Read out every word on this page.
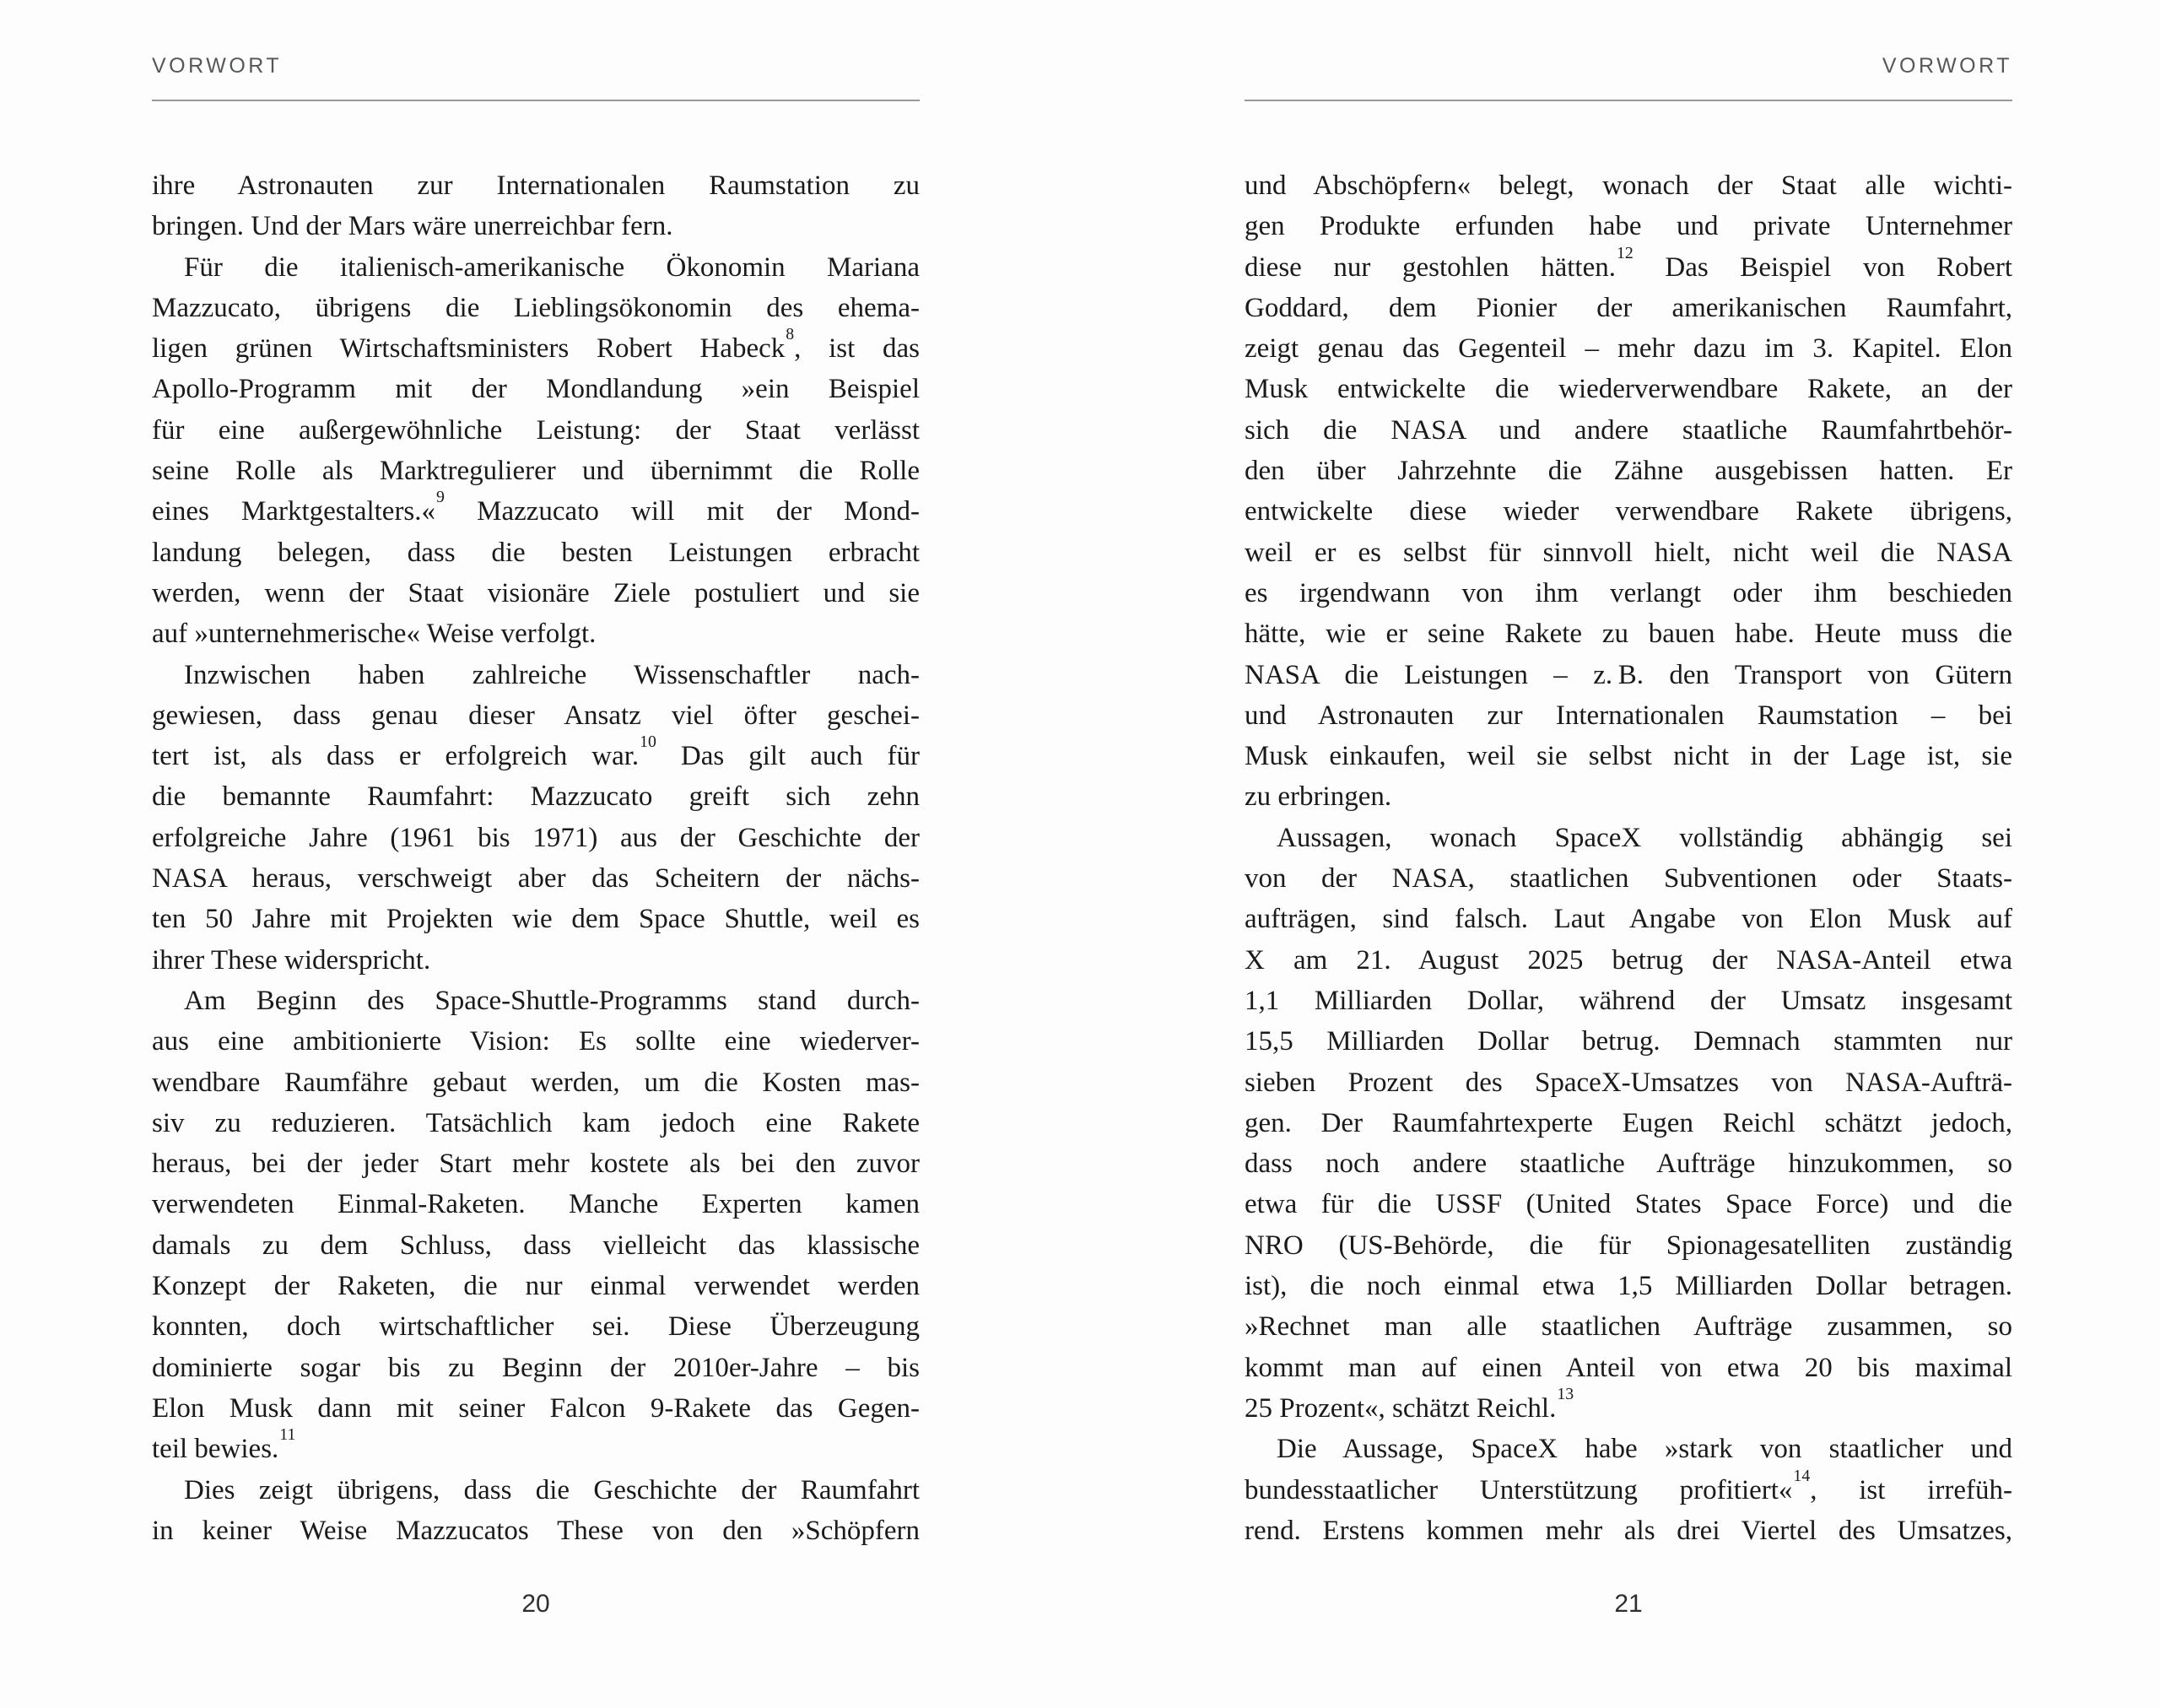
VORWORT
ihre Astronauten zur Internationalen Raumstation zu
bringen. Und der Mars wäre unerreichbar fern.
Für die italienisch-amerikanische Ökonomin Mariana
Mazzucato, übrigens die Lieblingsökonomin des ehema-
ligen grünen Wirtschaftsministers Robert Habeck$^8$, ist das
Apollo-Programm mit der Mondlandung »ein Beispiel
für eine außergewöhnliche Leistung: der Staat verlässt
seine Rolle als Marktregulierer und übernimmt die Rolle
eines Marktgestalters.«$^9$ Mazzucato will mit der Mond-
landung belegen, dass die besten Leistungen erbracht
werden, wenn der Staat visionäre Ziele postuliert und sie
auf »unternehmerische« Weise verfolgt.
Inzwischen haben zahlreiche Wissenschaftler nach-
gewiesen, dass genau dieser Ansatz viel öfter geschei-
tert ist, als dass er erfolgreich war.$^{10}$ Das gilt auch für
die bemannte Raumfahrt: Mazzucato greift sich zehn
erfolgreiche Jahre (1961 bis 1971) aus der Geschichte der
NASA heraus, verschweigt aber das Scheitern der nächs-
ten 50 Jahre mit Projekten wie dem Space Shuttle, weil es
ihrer These widerspricht.
Am Beginn des Space-Shuttle-Programms stand durch-
aus eine ambitionierte Vision: Es sollte eine wiederver-
wendbare Raumfähre gebaut werden, um die Kosten mas-
siv zu reduzieren. Tatsächlich kam jedoch eine Rakete
heraus, bei der jeder Start mehr kostete als bei den zuvor
verwendeten Einmal-Raketen. Manche Experten kamen
damals zu dem Schluss, dass vielleicht das klassische
Konzept der Raketen, die nur einmal verwendet werden
konnten, doch wirtschaftlicher sei. Diese Überzeugung
dominierte sogar bis zu Beginn der 2010er-Jahre – bis
Elon Musk dann mit seiner Falcon 9-Rakete das Gegen-
teil bewies.$^{11}$
Dies zeigt übrigens, dass die Geschichte der Raumfahrt
in keiner Weise Mazzucatos These von den »Schöpfern
20
VORWORT
und Abschöpfern« belegt, wonach der Staat alle wichti-
gen Produkte erfunden habe und private Unternehmer
diese nur gestohlen hätten.$^{12}$ Das Beispiel von Robert
Goddard, dem Pionier der amerikanischen Raumfahrt,
zeigt genau das Gegenteil – mehr dazu im 3. Kapitel. Elon
Musk entwickelte die wiederverwendbare Rakete, an der
sich die NASA und andere staatliche Raumfahrtbehör-
den über Jahrzehnte die Zähne ausgebissen hatten. Er
entwickelte diese wieder verwendbare Rakete übrigens,
weil er es selbst für sinnvoll hielt, nicht weil die NASA
es irgendwann von ihm verlangt oder ihm beschieden
hätte, wie er seine Rakete zu bauen habe. Heute muss die
NASA die Leistungen – z. B. den Transport von Gütern
und Astronauten zur Internationalen Raumstation – bei
Musk einkaufen, weil sie selbst nicht in der Lage ist, sie
zu erbringen.
Aussagen, wonach SpaceX vollständig abhängig sei
von der NASA, staatlichen Subventionen oder Staats-
aufträgen, sind falsch. Laut Angabe von Elon Musk auf
X am 21. August 2025 betrug der NASA-Anteil etwa
1,1 Milliarden Dollar, während der Umsatz insgesamt
15,5 Milliarden Dollar betrug. Demnach stammten nur
sieben Prozent des SpaceX-Umsatzes von NASA-Aufträ-
gen. Der Raumfahrtexperte Eugen Reichl schätzt jedoch,
dass noch andere staatliche Aufträge hinzukommen, so
etwa für die USSF (United States Space Force) und die
NRO (US-Behörde, die für Spionagesatelliten zuständig
ist), die noch einmal etwa 1,5 Milliarden Dollar betragen.
»Rechnet man alle staatlichen Aufträge zusammen, so
kommt man auf einen Anteil von etwa 20 bis maximal
25 Prozent«, schätzt Reichl.$^{13}$
Die Aussage, SpaceX habe »stark von staatlicher und
bundesstaatlicher Unterstützung profitiert«$^{14}$, ist irrefüh-
rend. Erstens kommen mehr als drei Viertel des Umsatzes,
21
